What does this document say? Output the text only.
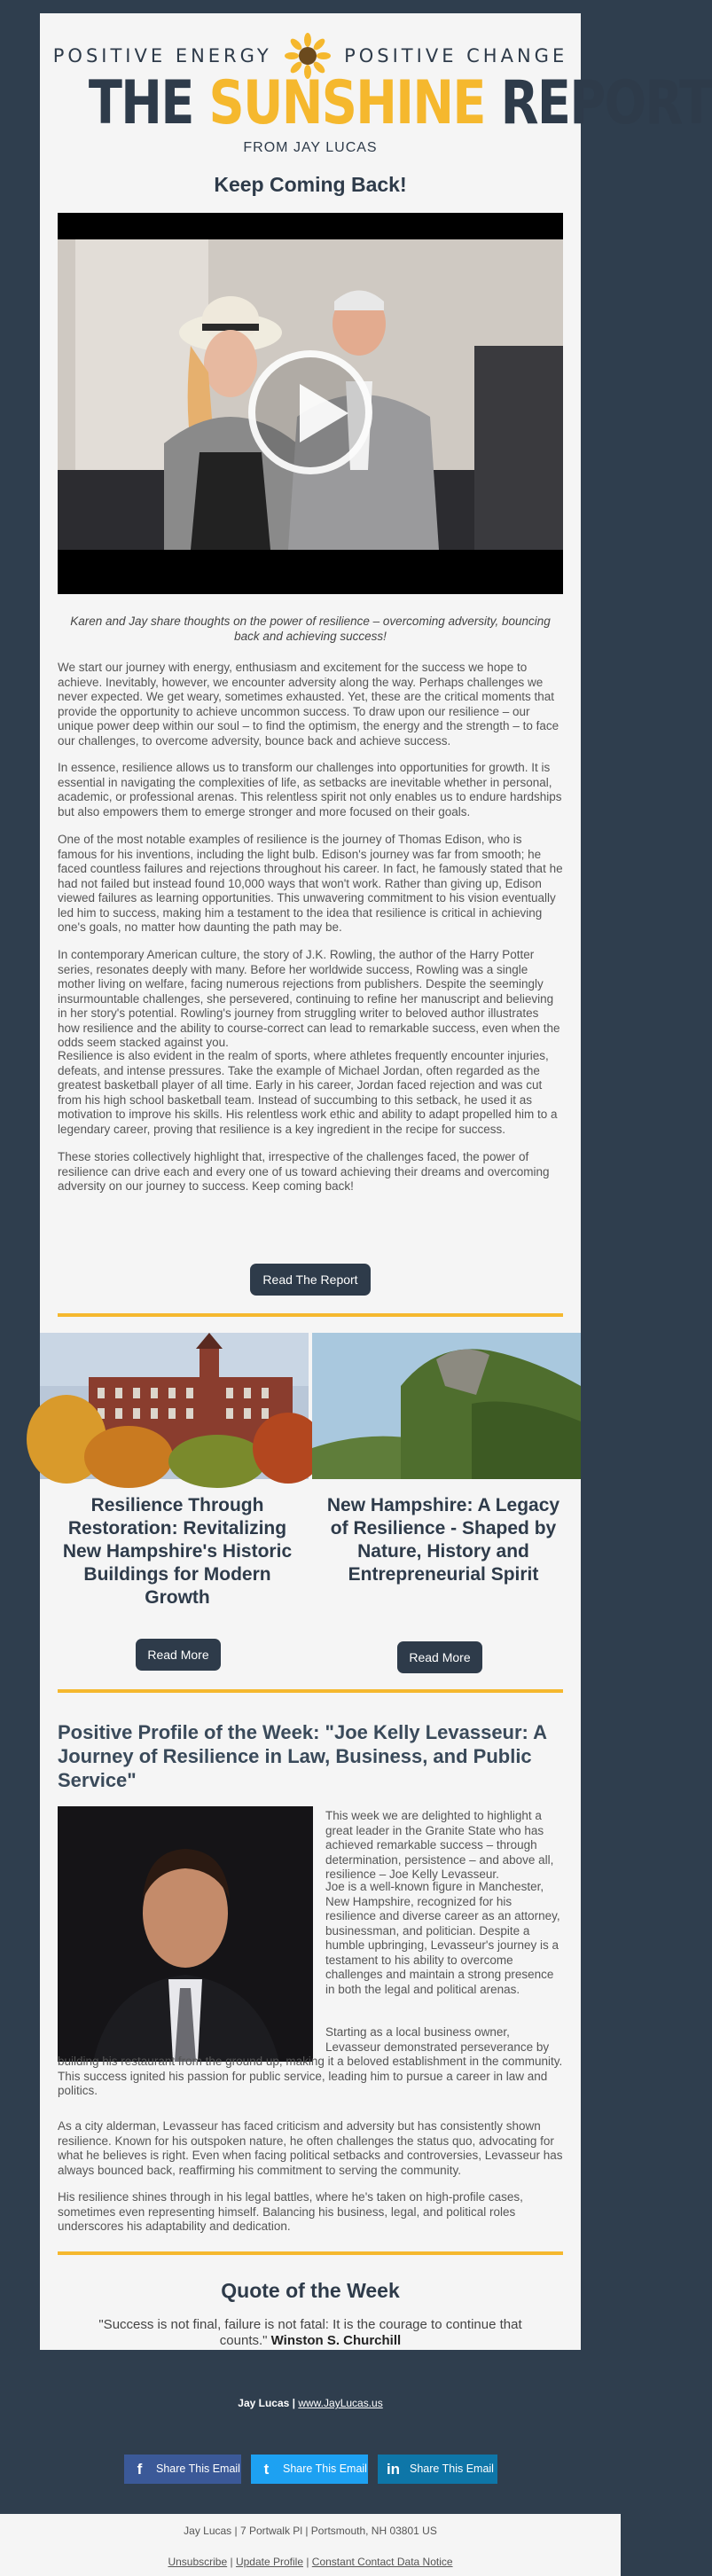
POSITIVE ENERGY	POSITIVE CHANGE
THE SUNSHINE REPORT
FROM JAY LUCAS
Keep Coming Back!
Karen and Jay share thoughts on the power of resilience – overcoming adversity, bouncing back and achieving success!

We start our journey with energy, enthusiasm and excitement for the success we hope to achieve. Inevitably, however, we encounter adversity along the way. Perhaps challenges we never expected. We get weary, sometimes exhausted. Yet, these are the critical moments that provide the opportunity to achieve uncommon success. To draw upon our resilience – our unique power deep within our soul – to find the optimism, the energy and the strength – to face our challenges, to overcome adversity, bounce back and achieve success.

In essence, resilience allows us to transform our challenges into opportunities for growth. It is essential in navigating the complexities of life, as setbacks are inevitable whether in personal, academic, or professional arenas. This relentless spirit not only enables us to endure hardships but also empowers them to emerge stronger and more focused on their goals.

One of the most notable examples of resilience is the journey of Thomas Edison, who is famous for his inventions, including the light bulb. Edison's journey was far from smooth; he faced countless failures and rejections throughout his career. In fact, he famously stated that he had not failed but instead found 10,000 ways that won't work. Rather than giving up, Edison viewed failures as learning opportunities. This unwavering commitment to his vision eventually led him to success, making him a testament to the idea that resilience is critical in achieving one's goals, no matter how daunting the path may be.

In contemporary American culture, the story of J.K. Rowling, the author of the Harry Potter series, resonates deeply with many. Before her worldwide success, Rowling was a single mother living on welfare, facing numerous rejections from publishers. Despite the seemingly insurmountable challenges, she persevered, continuing to refine her manuscript and believing in her story's potential. Rowling's journey from struggling writer to beloved author illustrates how resilience and the ability to course-correct can lead to remarkable success, even when the odds seem stacked against you.

Resilience is also evident in the realm of sports, where athletes frequently encounter injuries, defeats, and intense pressures. Take the example of Michael Jordan, often regarded as the greatest basketball player of all time. Early in his career, Jordan faced rejection and was cut from his high school basketball team. Instead of succumbing to this setback, he used it as motivation to improve his skills. His relentless work ethic and ability to adapt propelled him to a legendary career, proving that resilience is a key ingredient in the recipe for success.

These stories collectively highlight that, irrespective of the challenges faced, the power of resilience can drive each and every one of us toward achieving their dreams and overcoming adversity on our journey to success. Keep coming back!

Read The Report
Resilience Through Restoration: Revitalizing New Hampshire's Historic Buildings for Modern Growth
New Hampshire: A Legacy of Resilience - Shaped by Nature, History and Entrepreneurial Spirit
Read More	Read More
Positive Profile of the Week: "Joe Kelly Levasseur: A Journey of Resilience in Law, Business, and Public Service"

This week we are delighted to highlight a great leader in the Granite State who has achieved remarkable success – through determination, persistence – and above all, resilience – Joe Kelly Levasseur.

Joe is a well-known figure in Manchester, New Hampshire, recognized for his resilience and diverse career as an attorney, businessman, and politician. Despite a humble upbringing, Levasseur's journey is a testament to his ability to overcome challenges and maintain a strong presence in both the legal and political arenas.

Starting as a local business owner, Levasseur demonstrated perseverance by

building his restaurant from the ground up, making it a beloved establishment in the community. This success ignited his passion for public service, leading him to pursue a career in law and politics.

As a city alderman, Levasseur has faced criticism and adversity but has consistently shown resilience. Known for his outspoken nature, he often challenges the status quo, advocating for what he believes is right. Even when facing political setbacks and controversies, Levasseur has always bounced back, reaffirming his commitment to serving the community.

His resilience shines through in his legal battles, where he's taken on high-profile cases, sometimes even representing himself. Balancing his business, legal, and political roles underscores his adaptability and dedication.

Quote of the Week
"Success is not final, failure is not fatal: It is the courage to continue that counts." Winston S. Churchill
Jay Lucas | www.JayLucas.us
f	Share This Email	t	Share This Email in Share This Email
Jay Lucas | 7 Portwalk Pl | Portsmouth, NH 03801 US
Unsubscribe | Update Profile | Constant Contact Data Notice
